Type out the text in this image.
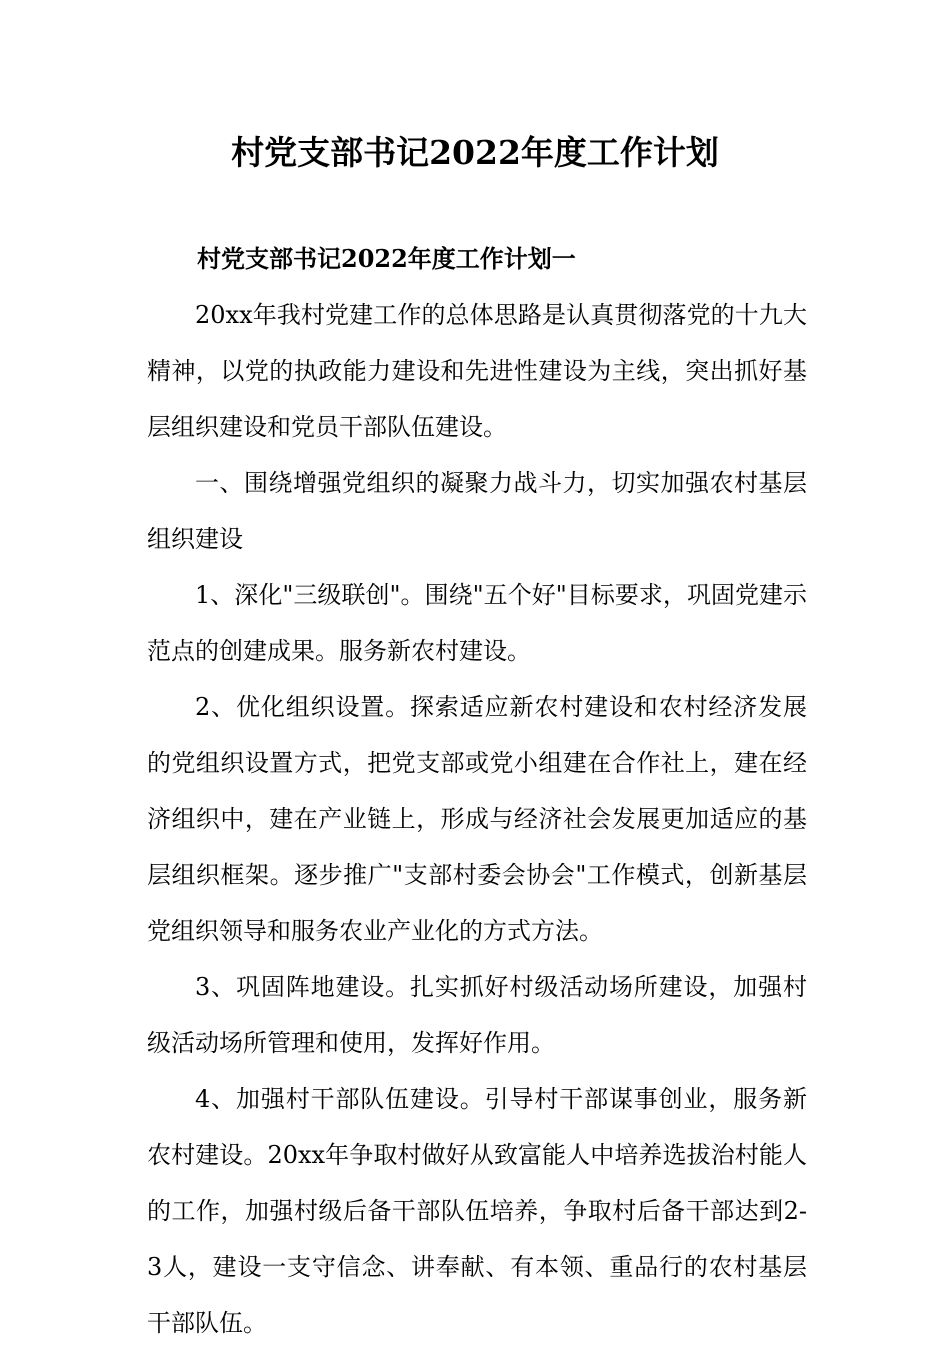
村党支部书记2022年度工作计划

村党支部书记2022年度工作计划一

20xx年我村党建工作的总体思路是认真贯彻落党的十九大精神，以党的执政能力建设和先进性建设为主线，突出抓好基层组织建设和党员干部队伍建设。

一、围绕增强党组织的凝聚力战斗力，切实加强农村基层组织建设

1、深化"三级联创"。围绕"五个好"目标要求，巩固党建示范点的创建成果。服务新农村建设。

2、优化组织设置。探索适应新农村建设和农村经济发展的党组织设置方式，把党支部或党小组建在合作社上，建在经济组织中，建在产业链上，形成与经济社会发展更加适应的基层组织框架。逐步推广"支部村委会协会"工作模式，创新基层党组织领导和服务农业产业化的方式方法。

3、巩固阵地建设。扎实抓好村级活动场所建设，加强村级活动场所管理和使用，发挥好作用。

4、加强村干部队伍建设。引导村干部谋事创业，服务新农村建设。20xx年争取村做好从致富能人中培养选拔治村能人的工作，加强村级后备干部队伍培养，争取村后备干部达到2-3人，建设一支守信念、讲奉献、有本领、重品行的农村基层干部队伍。
